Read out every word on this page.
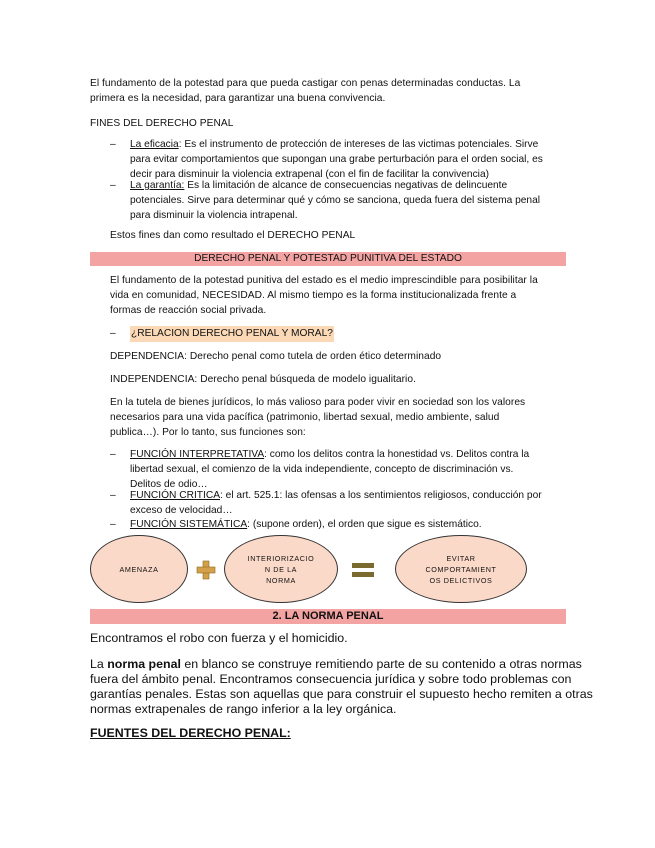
El fundamento de la potestad para que pueda castigar con penas determinadas conductas. La
primera es la necesidad, para garantizar una buena convivencia.
FINES DEL DERECHO PENAL
– La eficacia: Es el instrumento de protección de intereses de las victimas potenciales. Sirve
para evitar comportamientos que supongan una grabe perturbación para el orden social, es
decir para disminuir la violencia extrapenal (con el fin de facilitar la convivencia)
– La garantía: Es la limitación de alcance de consecuencias negativas de delincuente
potenciales. Sirve para determinar qué y cómo se sanciona, queda fuera del sistema penal
para disminuir la violencia intrapenal.
Estos fines dan como resultado el DERECHO PENAL
DERECHO PENAL Y POTESTAD PUNITIVA DEL ESTADO
El fundamento de la potestad punitiva del estado es el medio imprescindible para posibilitar la
vida en comunidad, NECESIDAD. Al mismo tiempo es la forma institucionalizada frente a
formas de reacción social privada.
– ¿RELACION DERECHO PENAL Y MORAL?
DEPENDENCIA: Derecho penal como tutela de orden ético determinado
INDEPENDENCIA: Derecho penal búsqueda de modelo igualitario.
En la tutela de bienes jurídicos, lo más valioso para poder vivir en sociedad son los valores
necesarios para una vida pacífica (patrimonio, libertad sexual, medio ambiente, salud
publica…). Por lo tanto, sus funciones son:
– FUNCIÓN INTERPRETATIVA: como los delitos contra la honestidad vs. Delitos contra la
libertad sexual, el comienzo de la vida independiente, concepto de discriminación vs.
Delitos de odio…
– FUNCIÓN CRITICA: el art. 525.1: las ofensas a los sentimientos religiosos, conducción por
exceso de velocidad…
– FUNCIÓN SISTEMÁTICA: (supone orden), el orden que sigue es sistemático.
AMENAZA
INTERIORIZACIO
N DE LA
NORMA
EVITAR
COMPORTAMIENT
OS DELICTIVOS
2. LA NORMA PENAL
Encontramos el robo con fuerza y el homicidio.
La norma penal en blanco se construye remitiendo parte de su contenido a otras normas
fuera del ámbito penal. Encontramos consecuencia jurídica y sobre todo problemas con
garantías penales. Estas son aquellas que para construir el supuesto hecho remiten a otras
normas extrapenales de rango inferior a la ley orgánica.
FUENTES DEL DERECHO PENAL:
